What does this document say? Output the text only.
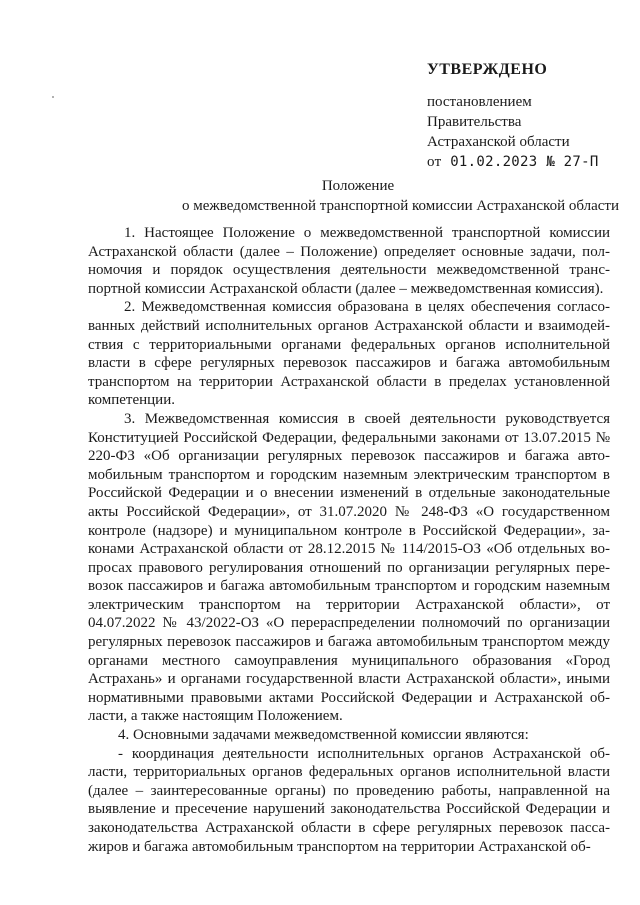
УТВЕРЖДЕНО
постановлением
Правительства
Астраханской области
от 01.02.2023 № 27-П
Положение
о межведомственной транспортной комиссии Астраханской области

1. Настоящее Положение о межведомственной транспортной комиссии Астраханской области (далее – Положение) определяет основные задачи, полномочия и порядок осуществления деятельности межведомственной транспортной комиссии Астраханской области (далее – межведомственная комиссия).

2. Межведомственная комиссия образована в целях обеспечения согласованных действий исполнительных органов Астраханской области и взаимодействия с территориальными органами федеральных органов исполнительной власти в сфере регулярных перевозок пассажиров и багажа автомобильным транспортом на территории Астраханской области в пределах установленной компетенции.

3. Межведомственная комиссия в своей деятельности руководствуется Конституцией Российской Федерации, федеральными законами от 13.07.2015 № 220-ФЗ «Об организации регулярных перевозок пассажиров и багажа автомобильным транспортом и городским наземным электрическим транспортом в Российской Федерации и о внесении изменений в отдельные законодательные акты Российской Федерации», от 31.07.2020 № 248-ФЗ «О государственном контроле (надзоре) и муниципальном контроле в Российской Федерации», законами Астраханской области от 28.12.2015 № 114/2015-ОЗ «Об отдельных вопросах правового регулирования отношений по организации регулярных перевозок пассажиров и багажа автомобильным транспортом и городским наземным электрическим транспортом на территории Астраханской области», от 04.07.2022 № 43/2022-ОЗ «О перераспределении полномочий по организации регулярных перевозок пассажиров и багажа автомобильным транспортом между органами местного самоуправления муниципального образования «Город Астрахань» и органами государственной власти Астраханской области», иными нормативными правовыми актами Российской Федерации и Астраханской области, а также настоящим Положением.

4. Основными задачами межведомственной комиссии являются:

- координация деятельности исполнительных органов Астраханской области, территориальных органов федеральных органов исполнительной власти (далее – заинтересованные органы) по проведению работы, направленной на выявление и пресечение нарушений законодательства Российской Федерации и законодательства Астраханской области в сфере регулярных перевозок пассажиров и багажа автомобильным транспортом на территории Астраханской об-
